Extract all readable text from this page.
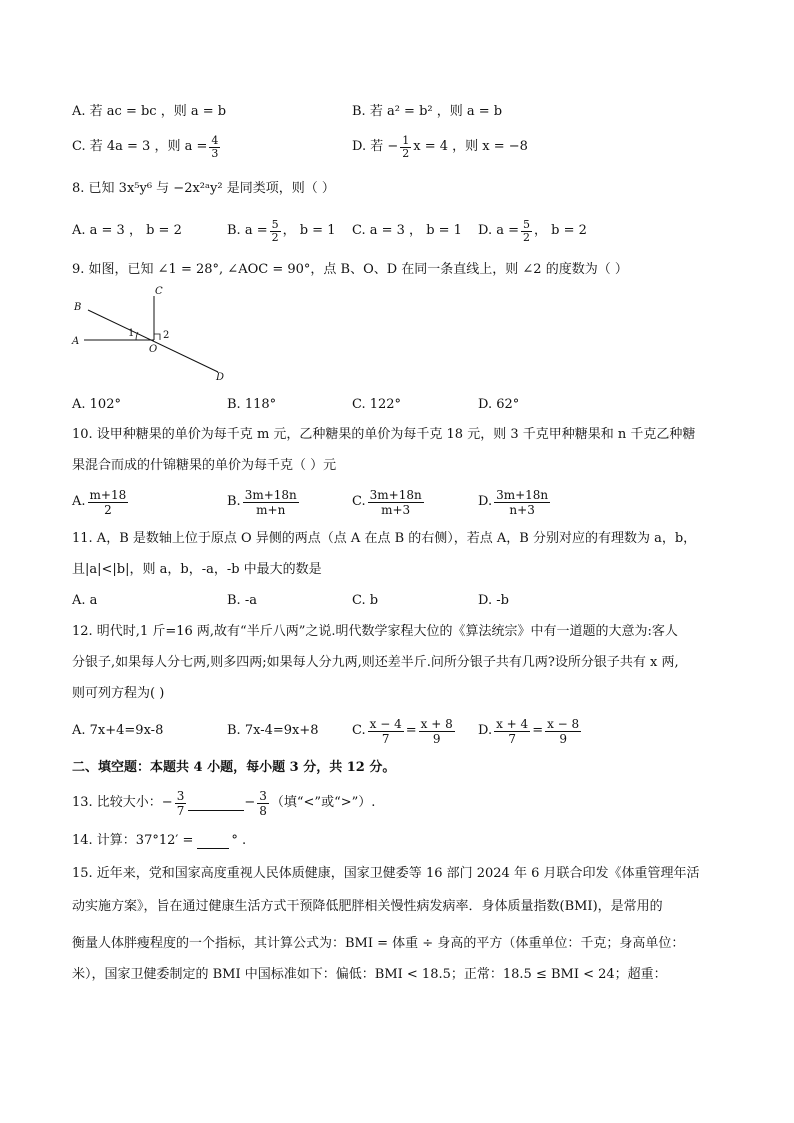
A. 若 ac = bc ，则 a = b	B. 若 a² = b² ，则 a = b
C. 若 4a = 3 ，则 $a = \frac{4}{3}$	D. 若 − $\frac{1}{2}$ x = 4 ，则 x = −8
8. 已知 3x⁵y⁶ 与 −2x²ᵃy² 是同类项，则（ ）
A. a = 3 ， b = 2	B. $a = \frac{5}{2}$ ， b = 1 C. a = 3 ， b = 1 D. $a = \frac{5}{2}$ ， b = 2
9. 如图，已知 ∠1 = 28°, ∠AOC = 90°，点 B、O、D 在同一条直线上，则 ∠2 的度数为（ ）
B
C
A
O
D
1	2
A. 102°	B. 118°	C. 122°	D. 62°
10. 设甲种糖果的单价为每千克 m 元，乙种糖果的单价为每千克 18 元，则 3 千克甲种糖果和 n 千克乙种糖
果混合而成的什锦糖果的单价为每千克（ ）元
A. $\frac{m+18}{2}$	B. $\frac{3m+18n}{m+n}$	C. $\frac{3m+18n}{m+3}$	D. $\frac{3m+18n}{n+3}$
11. A，B 是数轴上位于原点 O 异侧的两点（点 A 在点 B 的右侧），若点 A，B 分别对应的有理数为 a，b，
且|a|<|b|，则 a，b，-a，-b 中最大的数是
A. a	B. -a	C. b	D. -b
12. 明代时,1 斤=16 两,故有“半斤八两”之说.明代数学家程大位的《算法统宗》中有一道题的大意为:客人
分银子,如果每人分七两,则多四两;如果每人分九两,则还差半斤.问所分银子共有几两?设所分银子共有 x 两,
则可列方程为( )
A. 7x+4=9x-8	B. 7x-4=9x+8	C. $\frac{x - 4}{7} = \frac{x + 8}{9} D$. $\frac{x + 4}{7} = \frac{x - 8}{9}$
二、填空题：本题共 4 小题，每小题 3 分，共 12 分。
13. 比较大小：− $\frac{3}{7}$	− $\frac{3}{8}$ （填“<”或“>”）.
14. 计算：37°12′ =	° .
15. 近年来，党和国家高度重视人民体质健康，国家卫健委等 16 部门 2024 年 6 月联合印发《体重管理年活
动实施方案》，旨在通过健康生活方式干预降低肥胖相关慢性病发病率．身体质量指数(BMI)，是常用的
衡量人体胖瘦程度的一个指标，其计算公式为：BMI = 体重 ÷ 身高的平方（体重单位：千克；身高单位：
米），国家卫健委制定的 BMI 中国标准如下：偏低：BMI < 18.5；正常：18.5 ≤ BMI < 24；超重：
